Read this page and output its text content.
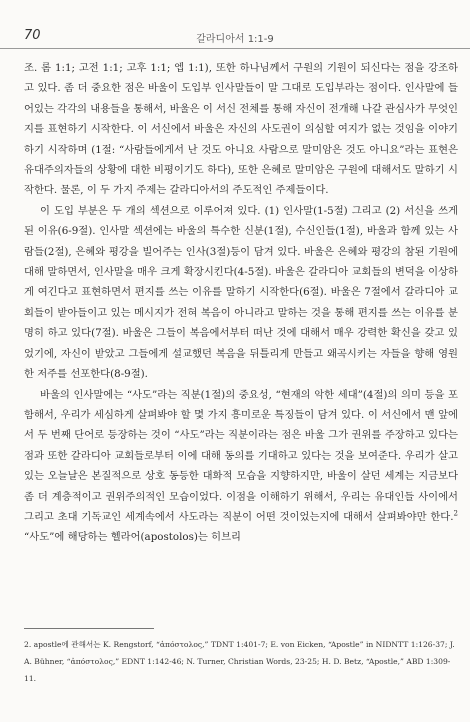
70	갈라디아서 1:1-9

조. 롬 1:1; 고전 1:1; 고후 1:1; 엡 1:1), 또한 하나님께서 구원의 기원이 되신다는 점을 강조하고 있다. 좀 더 중요한 점은 바울이 도입부 인사말들이 말 그대로 도입부라는 점이다. 인사말에 들어있는 각각의 내용들을 통해서, 바울은 이 서신 전체를 통해 자신이 전개해 나갈 관심사가 무엇인지를 표현하기 시작한다. 이 서신에서 바울은 자신의 사도권이 의심할 여지가 없는 것임을 이야기하기 시작하며 (1절: “사람들에게서 난 것도 아니요 사람으로 말미암은 것도 아니요”라는 표현은 유대주의자들의 상황에 대한 비평이기도 하다), 또한 은혜로 말미암은 구원에 대해서도 말하기 시작한다. 물론, 이 두 가지 주제는 갈라디아서의 주도적인 주제들이다.

이 도입 부분은 두 개의 섹션으로 이루어져 있다. (1) 인사말(1-5절) 그리고 (2) 서신을 쓰게 된 이유(6-9절). 인사말 섹션에는 바울의 특수한 신분(1절), 수신인들(1절), 바울과 함께 있는 사람들(2절), 은혜와 평강을 빌어주는 인사(3절)등이 담겨 있다. 바울은 은혜와 평강의 참된 기원에 대해 말하면서, 인사말을 매우 크게 확장시킨다(4-5절). 바울은 갈라디아 교회들의 변덕을 이상하게 여긴다고 표현하면서 편지를 쓰는 이유를 말하기 시작한다(6절). 바울은 7절에서 갈라디아 교회들이 받아들이고 있는 메시지가 전혀 복음이 아니라고 말하는 것을 통해 편지를 쓰는 이유를 분명히 하고 있다(7절). 바울은 그들이 복음에서부터 떠난 것에 대해서 매우 강력한 확신을 갖고 있었기에, 자신이 받았고 그들에게 설교했던 복음을 뒤틀리게 만들고 왜곡시키는 자들을 향해 영원한 저주를 선포한다(8-9절).

바울의 인사말에는 “사도”라는 직분(1절)의 중요성, “현재의 악한 세대”(4절)의 의미 등을 포함해서, 우리가 세심하게 살펴봐야 할 몇 가지 흥미로운 특징들이 담겨 있다. 이 서신에서 맨 앞에서 두 번째 단어로 등장하는 것이 “사도”라는 직분이라는 점은 바울 그가 권위를 주장하고 있다는 점과 또한 갈라디아 교회들로부터 이에 대해 동의를 기대하고 있다는 것을 보여준다. 우리가 살고 있는 오늘날은 본질적으로 상호 동등한 대화적 모습을 지향하지만, 바울이 살던 세계는 지금보다 좀 더 계층적이고 권위주의적인 모습이었다. 이점을 이해하기 위해서, 우리는 유대인들 사이에서 그리고 초대 기독교인 세계속에서 사도라는 직분이 어떤 것이었는지에 대해서 살펴봐야만 한다.$^2$ “사도”에 해당하는 헬라어(apostolos)는 히브리

2. apostle에 관해서는 K. Rengstorf, “ἀπόστολος,” TDNT 1:401-7; E. von Eicken, “Apostle” in NIDNTT 1:126-37; J. A. Bühner, “ἀπόστολος,” EDNT 1:142-46; N. Turner, Christian Words, 23-25; H. D. Betz, “Apostle,” ABD 1:309-11.
